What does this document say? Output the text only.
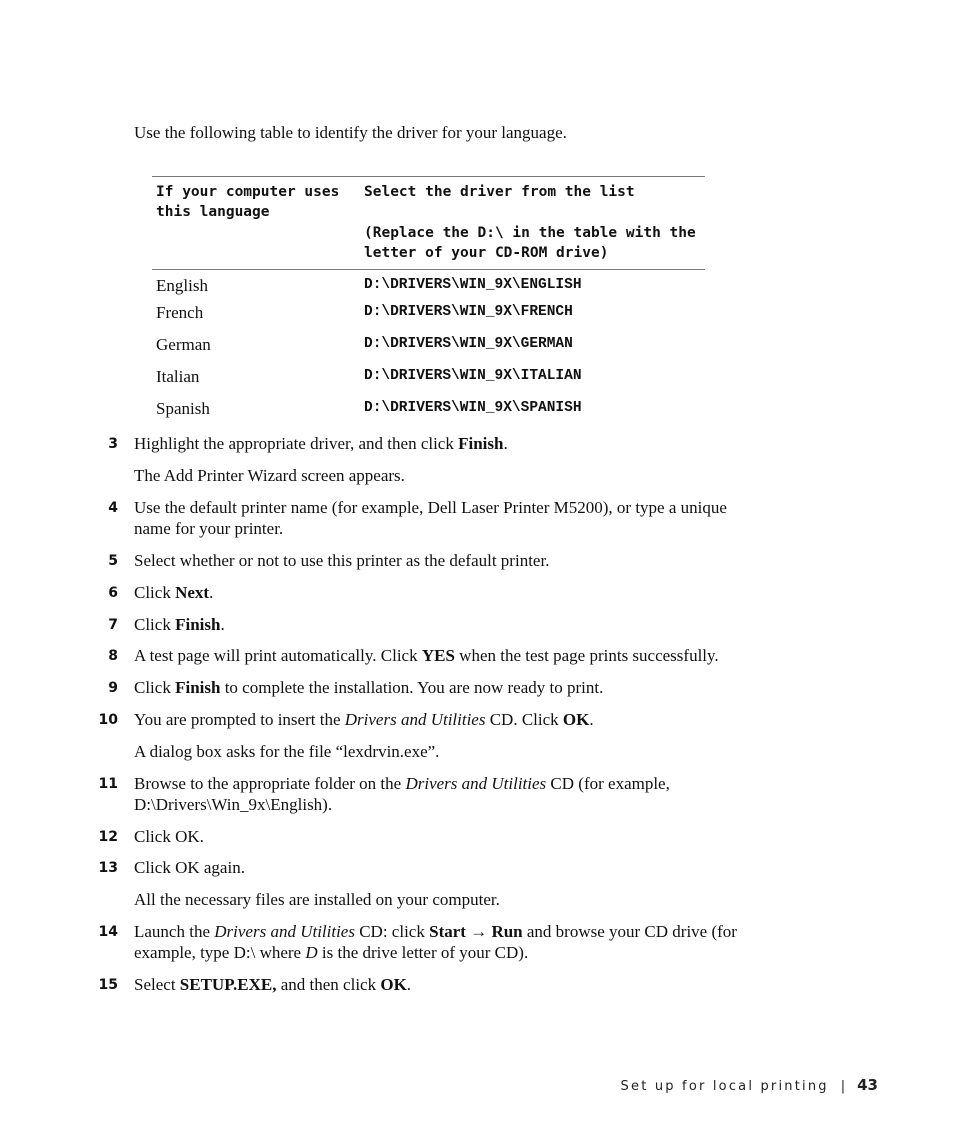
Use the following table to identify the driver for your language.
If your computer uses this language	Select the driver from the list
(Replace the D:\ in the table with the letter of your CD-ROM drive)

English	D:\DRIVERS\WIN_9X\ENGLISH
French	D:\DRIVERS\WIN_9X\FRENCH
German	D:\DRIVERS\WIN_9X\GERMAN
Italian	D:\DRIVERS\WIN_9X\ITALIAN
Spanish	D:\DRIVERS\WIN_9X\SPANISH
3 Highlight the appropriate driver, and then click Finish.
The Add Printer Wizard screen appears.
4 Use the default printer name (for example, Dell Laser Printer M5200), or type a unique name for your printer.
5 Select whether or not to use this printer as the default printer.
6 Click Next.
7 Click Finish.
8 A test page will print automatically. Click YES when the test page prints successfully.
9 Click Finish to complete the installation. You are now ready to print.
10 You are prompted to insert the Drivers and Utilities CD. Click OK.
A dialog box asks for the file “lexdrvin.exe”.
11 Browse to the appropriate folder on the Drivers and Utilities CD (for example, D:\Drivers\Win_9x\English).
12 Click OK.
13 Click OK again.
All the necessary files are installed on your computer.
14 Launch the Drivers and Utilities CD: click Start → Run and browse your CD drive (for example, type D:\ where D is the drive letter of your CD).
15 Select SETUP.EXE, and then click OK.
Set up for local printing | 43
